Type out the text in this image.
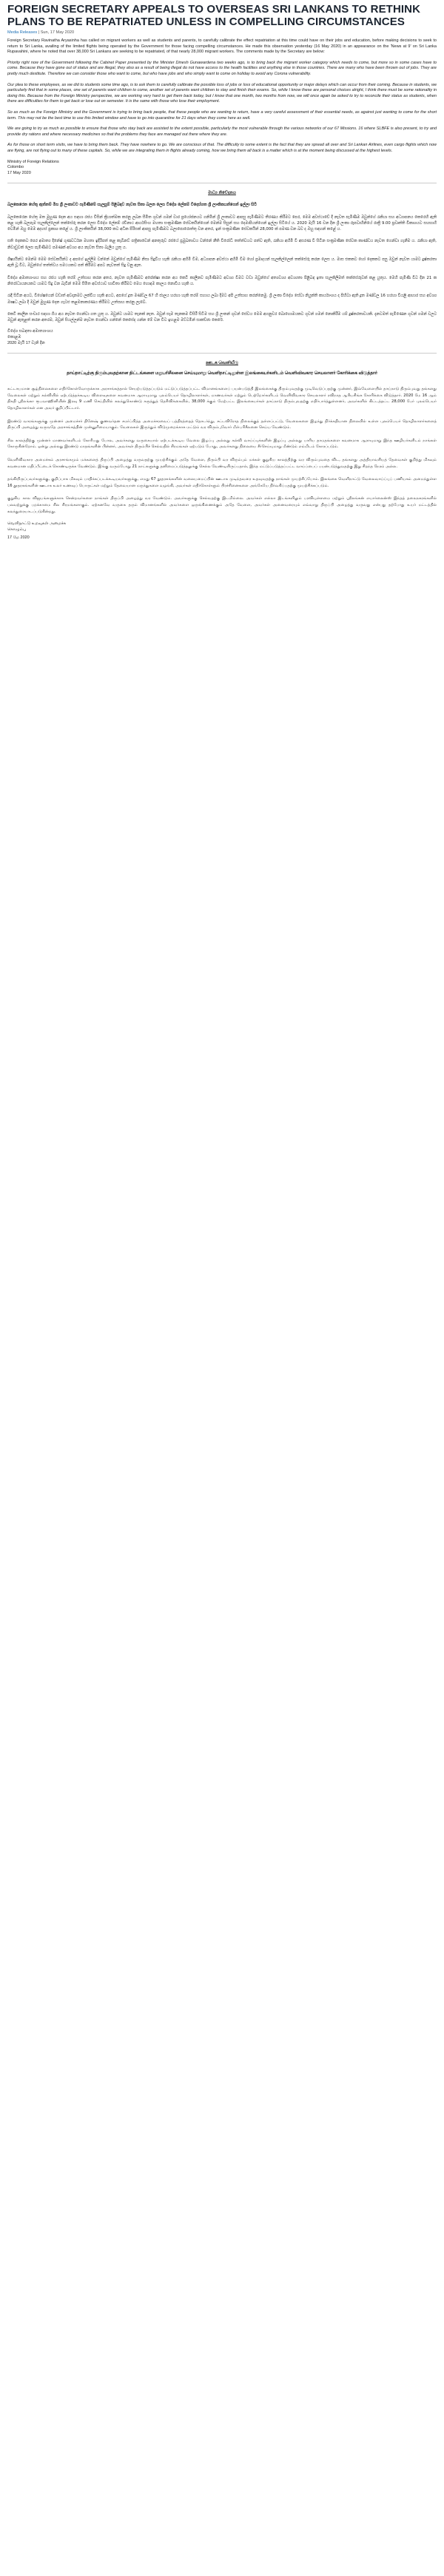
FOREIGN SECRETARY APPEALS TO OVERSEAS SRI LANKANS TO RETHINK PLANS TO BE REPATRIATED UNLESS IN COMPELLING CIRCUMSTANCES
Media Releases | Sun, 17 May 2020

Foreign Secretary Ravinatha Aryasinha has called on migrant workers as well as students and parents, to carefully calibrate the effect repatriation at this time could have on their jobs and education, before making decisions to seek to return to Sri Lanka, availing of the limited flights being operated by the Government for those facing compelling circumstances. He made this observation yesterday (16 May 2020) in an appearance on the 'News at 9' on Sri Lanka Rupavahini, where he noted that over 38,000 Sri Lankans are seeking to be repatriated, of that nearly 28,000 migrant workers. The comments made by the Secretary are below:

Priority right now of the Government following the Cabinet Paper presented by the Minister Dinesh Gunawardena two weeks ago, is to bring back the migrant worker category which needs to come, but more so in some cases have to come. Because they have gone out of status and are illegal, they also as a result of being illegal do not have access to the health facilities and anything else in those countries. There are many who have been thrown out of jobs. They are pretty much destitute. Therefore we can consider those who want to come, but who have jobs and who simply want to come on holiday to avoid any Corona vulnerability.

Our plea to these employees, as we did to students some time ago, is to ask them to carefully calibrate the possible loss of jobs or loss of educational opportunity or major delays which can occur from their coming. Because in students, we particularly find that in some places, one set of parents want children to come, another set of parents want children to stay and finish their exams. So, while I know these are personal choices alright, I think there must be some rationality in doing this. Because from the Foreign Ministry perspective, we are working very hard to get them back today, but I know that one month, two months from now, we will once again be asked to try to reconcile their status as students, when there are difficulties for them to get back or lose out on semester. It is the same with those who lose their employment.

So as much as the Foreign Ministry and the Government is trying to bring back people, that these people who are wanting to return, have a very careful assessment of their essential needs, as against just wanting to come for the short term. This may not be the best time to use this limited window and have to go into quarantine for 21 days when they come here as well.

We are going to try as much as possible to ensure that those who stay back are assisted to the extent possible, particularly the most vulnerable through the various networks of our 67 Missions. 16 where SLBFE is also present, to try and provide dry rations and where necessary medicines so that the problems they face are managed out there where they are.

As for those on short term visits, we have to bring them back. They have nowhere to go. We are conscious of that. The difficulty to some extent is the fact that they are spread all over and Sri Lankan Airlines, even cargo flights which now are flying, are not flying out to many of these capitals. So, while we are integrating them in flights already coming, how we bring them all back is a matter which is at the moment being discussed at the highest levels.

Ministry of Foreign Relations
Colombo
17 May 2020
මාධ්‍ය නිවේදනය

බලකෙරෙන හේතු ඇත්නම් මිස ශ්‍රී ලංකාවට පැමිණීමේ සැලසුම් පිළිබඳව නැවත සිතා බලන ලෙස විදේශ ලේකම් විදෙස්ගත ශ්‍රී ලාංකිකයන්ගෙන් ඉල්ලා සිටී

බලකෙරෙන හේතු මත මුහුණ දෙන අය සඳහා රජය විසින් ක්‍රියාත්මක කරනු ලබන සීමිත ගුවන් ගමන් වාර ප්‍රයෝජනයට ගනිමින් ශ්‍රී ලංකාවට ආපසු පැමිණීමට තීරණය කිරීමට පෙර, මෙම අවස්ථාවේ දී නැවත පැමිණීම ඔවුන්ගේ රැකියා සහ අධ්‍යාපනය කෙරෙහි ඇති කළ හැකි බලපෑම සැලකිල්ලෙන් තක්සේරු කරන ලෙස විදේශ ලේකම් රවිනාථ ආර්යසිංහ මහතා සංක්‍රමණික සේවකයින්ගෙන් මෙන්ම සිසුන් සහ දෙමාපියන්ගෙන් ඉල්ලා සිටියේ ය. 2020 මැයි 16 වන දින ශ්‍රී ලංකා රූපවාහිනියේ රාත්‍රී 9.00 ප්‍රවෘත්ති විකාශයට සහභාගි වෙමින් ඔහු මෙම අදහස් ප්‍රකාශ කළේ ය. ශ්‍රී ලාංකිකයින් 38,000 කට අධික පිරිසක් ආපසු පැමිණීමට බලාපොරොත්තු වන අතර, ඉන් සංක්‍රමණික සේවකයින් 28,000 ක් පමණ වන බව ද ඔහු සඳහන් කළේ ය.

සති දෙකකට පෙර අමාත්‍ය දිනේෂ් ගුණවර්ධන මහතා ඉදිරිපත් කළ කැබිනට් පත්‍රිකාවෙන් අනතුරුව රජයේ ප්‍රමුඛතාවය වන්නේ නීති විරෝධී තත්ත්වයට පත්ව ඇති, රැකියා අහිමි වී අසරණ වී සිටින සංක්‍රමණික සේවක කාණ්ඩය නැවත ගෙන්වා ගැනීම ය. රැකියා ඇති, නිවාඩුවක් ලෙස පැමිණීමට පමණක් අවශ්‍ය අය නැවත සිතා බැලිය යුතු ය.

ශිෂ්‍යයින්ට මෙන්ම මෙම සේවකයින්ට ද අපගේ ඉල්ලීම වන්නේ ඔවුන්ගේ පැමිණීම නිසා සිදුවිය හැකි රැකියා අහිමි වීම, අධ්‍යාපන අවස්ථා අහිමි වීම හෝ ප්‍රමාදයන් සැලකිල්ලෙන් තක්සේරු කරන ලෙස ය. මාස එකකට හෝ දෙකකට පසු ඔවුන් නැවත යාමට දුෂ්කරතා ඇති වූ විට, ඔවුන්ගේ තත්ත්වය සමථයකට පත් කිරීමට අපට නැවතත් සිදු වනු ඇත.

විදේශ අමාත්‍යාංශය සහ රජය හැකි තරම් උත්සාහ කරන අතර, නැවත පැමිණීමට අපේක්ෂා කරන අය කෙටි කාලීනව පැමිණීමට අවශ්‍ය වීමට වඩා ඔවුන්ගේ අත්‍යවශ්‍ය අවශ්‍යතා පිළිබඳ ඉතා සැලකිලිමත් තක්සේරුවක් කළ යුතුය. මෙහි පැමිණි විට දින 21 ක නිරෝධායනයකට යාමට සිදු වන බැවින් මෙම සීමිත අවස්ථාව භාවිතා කිරීමට මෙය හොඳම කාලය නොවිය හැකි ය.

රැඳී සිටින අයට, විශේෂයෙන් වඩාත් අවදානමට ලක්විය හැකි අයට, අපගේ දූත මණ්ඩල 67 හි ජාලය හරහා හැකි තරම් සහාය ලබා දීමට අපි උත්සාහ කරන්නෙමු. ශ්‍රී ලංකා විදේශ සේවා නියුක්ති කාර්යාංශය ද පිහිටා ඇති දූත මණ්ඩල 16 හරහා වියළි ආහාර සහ අවශ්‍ය ඖෂධ ලබා දී ඔවුන් මුහුණ දෙන ගැටළු කළමනාකරණය කිරීමට උත්සාහ කරනු ලැබේ.

කෙටි කාලීන සංචාර සඳහා ගිය අය නැවත ගෙන්වා ගත යුතු ය. ඔවුන්ට යාමට තැනක් නැත. ඔවුන් සෑම තැනකම විසිරී සිටීම සහ ශ්‍රී ලංකන් ගුවන් සේවය මෙම අගනුවර බොහොමයකට ගුවන් ගමන් නොකිරීම යම් දුෂ්කරතාවයකි. දැනටමත් පැමිණෙන ගුවන් ගමන් වලට ඔවුන් ඇතුළත් කරන අතරම, ඔවුන් සියල්ලන්ම නැවත ගෙන්වා ගන්නේ කෙසේද යන්න මේ වන විට ඉහළම මට්ටමින් සාකච්ඡා කෙරේ.

විදේශ සබඳතා අමාත්‍යාංශය
කොළඹ
2020 මැයි 17 වැනි දින
ஊடக வெளியீடு
தாய்நாட்டிற்கு திரும்புவதற்கான திட்டங்களை மறுபரிசீலனை செய்யுமாறு வெளிநாட்டிலுள்ள இலங்கையர்களிடம் வெளிவிவகார செயலாளர் கோரிக்கை விடுத்தார்

கட்டாயமான சூழ்நிலைகளை எதிர்கொள்வோருக்காக அரசாங்கத்தால் செயற்படுத்தப்படும் மட்டுப்படுத்தப்பட்ட விமானங்களைப் பயன்படுத்தி இலங்கைக்கு திரும்புவதற்கு முடிவெடுப்பதற்கு முன்னர், இவ்வேளையில் தாய்நாடு திரும்புவது தங்களது வேலைகள் மற்றும் கல்வியில் ஏற்படுத்தக்கூடிய விளைவுகளை கவனமாக ஆராயுமாறு புலம்பெயர் தொழிலாளர்கள், மாணவர்கள் மற்றும் பெற்றோர்களிடம் வெளிவிவகார செயலாளர் ரவிநாத ஆரியசிங்க கோரிக்கை விடுத்தார். 2020 மே 16 ஆம் திகதி ஸ்ரீலங்கா ரூபவாஹினியின் இரவு 9 மணி செய்தியில் கலந்துகொண்டு கருத்துத் தெரிவிக்கையில், 38,000 க்கும் மேற்பட்ட இலங்கையர்கள் தாய்நாடு திரும்புவதற்கு எதிர்பார்த்துள்ளனர், அவர்களில் கிட்டத்தட்ட 28,000 பேர் புலம்பெயர் தொழிலாளர்கள் என அவர் குறிப்பிட்டார்.

இரண்டு வாரங்களுக்கு முன்னர் அமைச்சர் தினேஷ் குணவர்தன சமர்ப்பித்த அமைச்சரவைப் பத்திரத்தைத் தொடர்ந்து, சட்டவிரோத நிலைக்குத் தள்ளப்பட்டு, வேலைகளை இழந்து நிர்க்கதியான நிலையில் உள்ள புலம்பெயர் தொழிலாளர்களைத் திருப்பி அழைத்து வருவதே அரசாங்கத்தின் முன்னுரிமையாகும். வேலைகள் இருந்தும் விடுமுறைக்காக மட்டும் வர விரும்புவோர் மீள்பரிசீலனை செய்ய வேண்டும்.

சில காலத்திற்கு முன்னர் மாணவர்களிடம் கோரியது போல, அவர்களது வருகையால் ஏற்படக்கூடிய வேலை இழப்பு அல்லது கல்வி வாய்ப்புக்களின் இழப்பு அல்லது பாரிய தாமதங்களை கவனமாக ஆராயுமாறு இந்த ஊழியர்களிடம் நாங்கள் கோருகின்றோம். ஒன்று அல்லது இரண்டு மாதங்களின் பின்னர், அவர்கள் திரும்பிச் செல்வதில் சிரமங்கள் ஏற்படும் போது, அவர்களது நிலையை சீர்செய்யுமாறு மீண்டும் எம்மிடம் கோரப்படும்.

வெளிவிவகார அமைச்சும் அரசாங்கமும் மக்களைத் திருப்பி அழைத்து வருவதற்கு முயற்சிக்கும் அதே வேளை, திரும்பி வர விரும்பும் மக்கள் குறுகிய காலத்திற்கு வர விரும்புவதை விட, தங்களது அத்தியாவசியத் தேவைகள் குறித்து மிகவும் கவனமான மதிப்பீட்டைக் கொண்டிருக்க வேண்டும். இங்கு வரும்போது 21 நாட்களுக்கு தனிமைப்படுத்தலுக்கு செல்ல வேண்டியிருப்பதால், இந்த மட்டுப்படுத்தப்பட்ட வாய்ப்பைப் பயன்படுத்துவதற்கு இது சிறந்த நேரம் அல்ல.

தங்கியிருப்பவர்களுக்கு, குறிப்பாக மிகவும் பாதிக்கப்படக்கூடியவர்களுக்கு, எமது 67 தூதரகங்களின் வலையமைப்பின் ஊடாக முடிந்தவரை உதவுவதற்கு நாங்கள் முயற்சிப்போம். இலங்கை வெளிநாட்டு வேலைவாய்ப்புப் பணியகம் அமைந்துள்ள 16 தூதரகங்களின் ஊடாக உலர் உணவுப் பொருட்கள் மற்றும் தேவையான மருந்துகளை வழங்கி, அவர்கள் எதிர்கொள்ளும் பிரச்சினைகளை அங்கேயே நிர்வகிப்பதற்கு முயற்சிக்கப்படும்.

குறுகிய கால விஜயங்களுக்காக சென்றவர்களை நாங்கள் திருப்பி அழைத்து வர வேண்டும். அவர்களுக்கு செல்வதற்கு இடமில்லை. அவர்கள் எல்லா இடங்களிலும் பரவியுள்ளமை மற்றும் ஸ்ரீலங்கன் எயார்லைன்ஸ் இந்தத் தலைநகரங்களில் பலவற்றுக்கு பறக்காமை சில சிரமங்களாகும். ஏற்கனவே வருகை தரும் விமானங்களில் அவர்களை ஒருங்கிணைக்கும் அதே வேளை, அவர்கள் அனைவரையும் எவ்வாறு திருப்பி அழைத்து வருவது என்பது தற்போது உயர் மட்டத்தில் கலந்துரையாடப்படுகின்றது.

வெளிநாட்டு உறவுகள் அமைச்சு
கொழும்பு
17 மே 2020
